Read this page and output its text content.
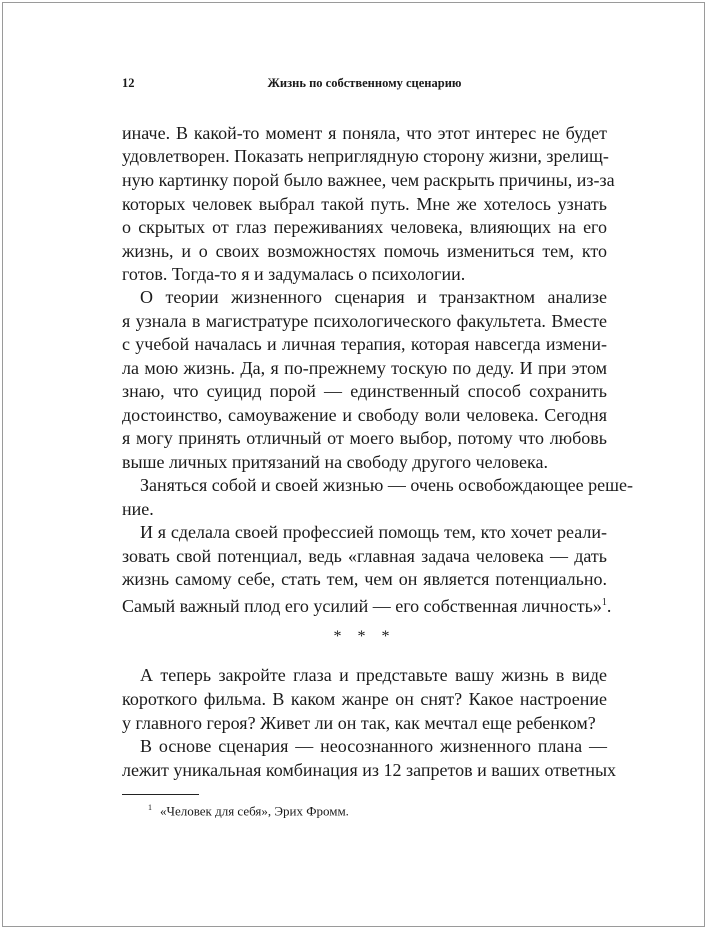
12	Жизнь по собственному сценарию
иначе. В какой-то момент я поняла, что этот интерес не будет
удовлетворен. Показать неприглядную сторону жизни, зрелищ-
ную картинку порой было важнее, чем раскрыть причины, из-за
которых человек выбрал такой путь. Мне же хотелось узнать
о скрытых от глаз переживаниях человека, влияющих на его
жизнь, и о своих возможностях помочь измениться тем, кто
готов. Тогда-то я и задумалась о психологии.
О теории жизненного сценария и транзактном анализе
я узнала в магистратуре психологического факультета. Вместе
с учебой началась и личная терапия, которая навсегда измени-
ла мою жизнь. Да, я по-прежнему тоскую по деду. И при этом
знаю, что суицид порой — единственный способ сохранить
достоинство, самоуважение и свободу воли человека. Сегодня
я могу принять отличный от моего выбор, потому что любовь
выше личных притязаний на свободу другого человека.
Заняться собой и своей жизнью — очень освобождающее реше-
ние.
И я сделала своей профессией помощь тем, кто хочет реали-
зовать свой потенциал, ведь «главная задача человека — дать
жизнь самому себе, стать тем, чем он является потенциально.
Самый важный плод его усилий — его собственная личность»$^1$.
А теперь закройте глаза и представьте вашу жизнь в виде
короткого фильма. В каком жанре он снят? Какое настроение
у главного героя? Живет ли он так, как мечтал еще ребенком?
В основе сценария — неосознанного жизненного плана —
лежит уникальная комбинация из 12 запретов и ваших ответных
* * *
$^1$ «Человек для себя», Эрих Фромм.
